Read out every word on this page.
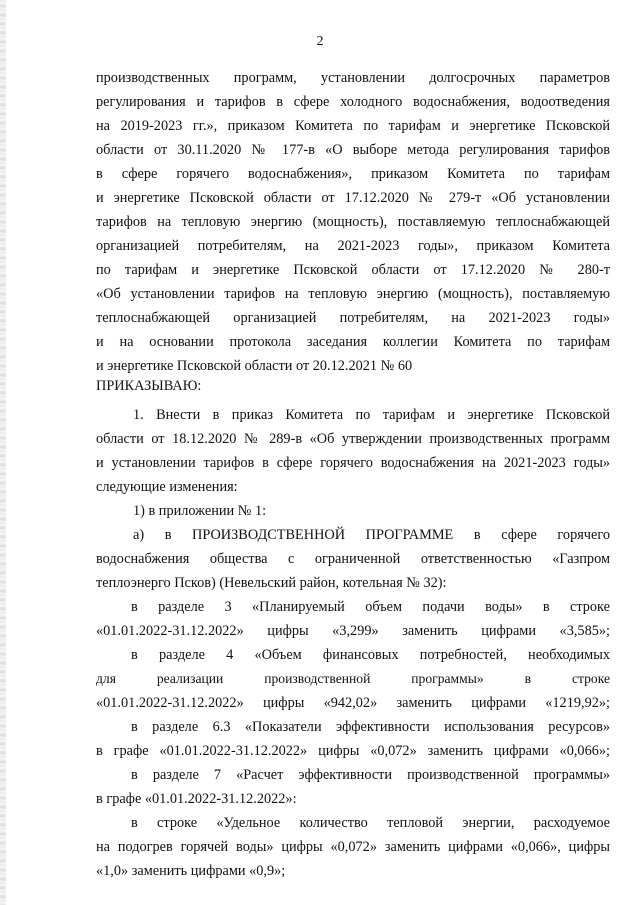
2
производственных программ, установлении долгосрочных параметров
регулирования и тарифов в сфере холодного водоснабжения, водоотведения
на 2019-2023 гг.», приказом Комитета по тарифам и энергетике Псковской
области от 30.11.2020 № 177-в «О выборе метода регулирования тарифов
в сфере горячего водоснабжения», приказом Комитета по тарифам
и энергетике Псковской области от 17.12.2020 № 279-т «Об установлении
тарифов на тепловую энергию (мощность), поставляемую теплоснабжающей
организацией потребителям, на 2021-2023 годы», приказом Комитета
по тарифам и энергетике Псковской области от 17.12.2020 № 280-т
«Об установлении тарифов на тепловую энергию (мощность), поставляемую
теплоснабжающей организацией потребителям, на 2021-2023 годы»
и на основании протокола заседания коллегии Комитета по тарифам
и энергетике Псковской области от 20.12.2021 № 60
ПРИКАЗЫВАЮ:
1. Внести в приказ Комитета по тарифам и энергетике Псковской
области от 18.12.2020 № 289-в «Об утверждении производственных программ
и установлении тарифов в сфере горячего водоснабжения на 2021-2023 годы»
следующие изменения:
1) в приложении № 1:
а) в ПРОИЗВОДСТВЕННОЙ ПРОГРАММЕ в сфере горячего
водоснабжения общества с ограниченной ответственностью «Газпром
теплоэнерго Псков) (Невельский район, котельная № 32):
в разделе 3 «Планируемый объем подачи воды» в строке
«01.01.2022-31.12.2022» цифры «3,299» заменить цифрами «3,585»;
в разделе 4 «Объем финансовых потребностей, необходимых
для реализации производственной программы» в строке
«01.01.2022-31.12.2022» цифры «942,02» заменить цифрами «1219,92»;
в разделе 6.3 «Показатели эффективности использования ресурсов»
в графе «01.01.2022-31.12.2022» цифры «0,072» заменить цифрами «0,066»;
в разделе 7 «Расчет эффективности производственной программы»
в графе «01.01.2022-31.12.2022»:
в строке «Удельное количество тепловой энергии, расходуемое
на подогрев горячей воды» цифры «0,072» заменить цифрами «0,066», цифры
«1,0» заменить цифрами «0,9»;
